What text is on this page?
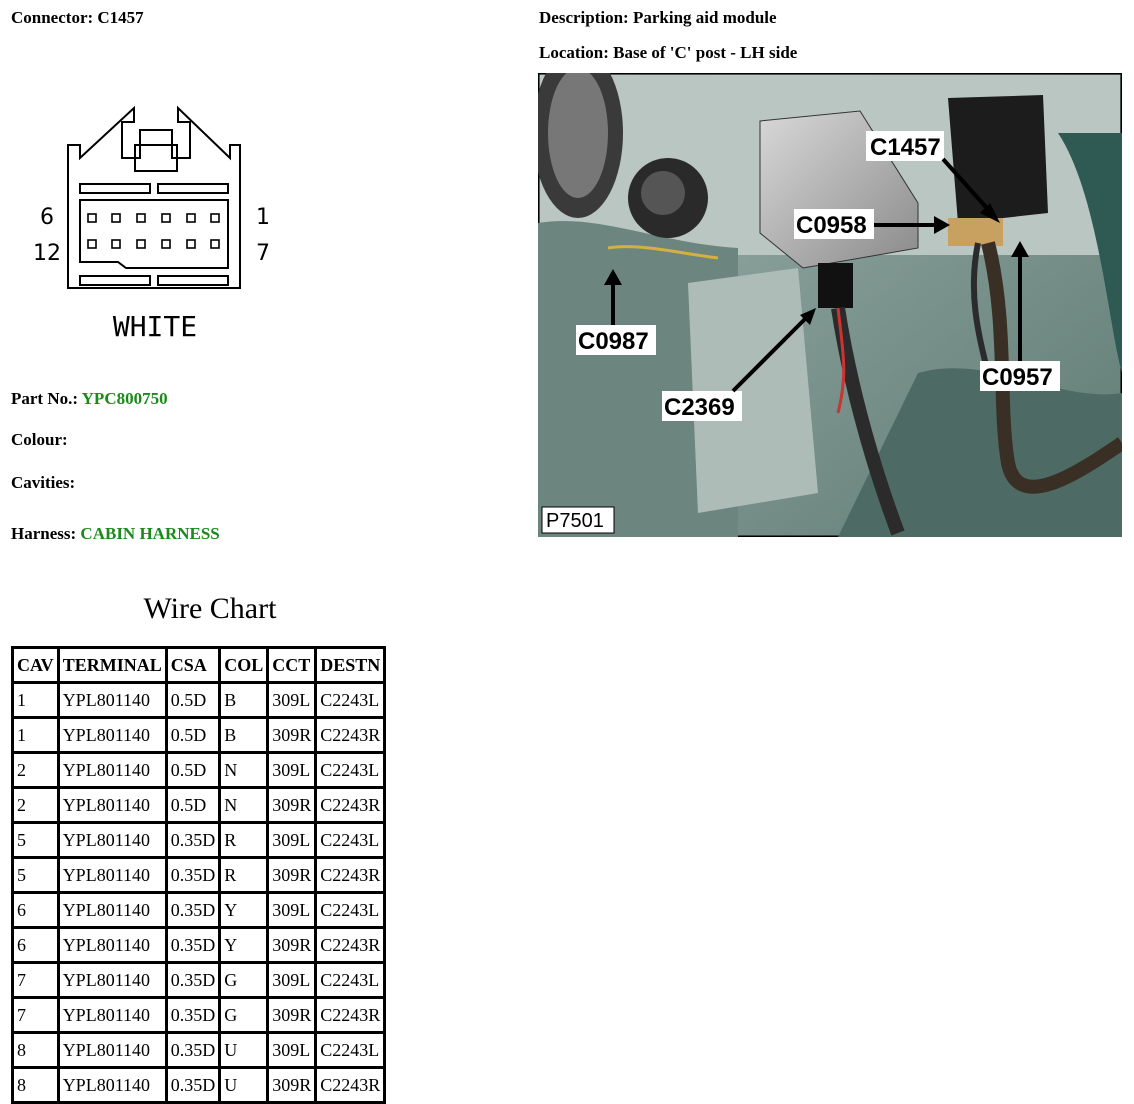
Connector: C1457	Description: Parking aid module
Location: Base of 'C' post - LH side
6	1
12	7
WHITE
Part No.: YPC800750
Colour:
Cavities:
Harness: CABIN HARNESS
C1457
C0958
C0987
C2369
C0957
P7501
Wire Chart
CAV	TERMINAL	CSA	COL	CCT	DESTN
1	YPL801140	0.5D	B	309L	C2243L
1	YPL801140	0.5D	B	309R	C2243R
2	YPL801140	0.5D	N	309L	C2243L
2	YPL801140	0.5D	N	309R	C2243R
5	YPL801140	0.35D	R	309L	C2243L
5	YPL801140	0.35D	R	309R	C2243R
6	YPL801140	0.35D	Y	309L	C2243L
6	YPL801140	0.35D	Y	309R	C2243R
7	YPL801140	0.35D	G	309L	C2243L
7	YPL801140	0.35D	G	309R	C2243R
8	YPL801140	0.35D	U	309L	C2243L
8	YPL801140	0.35D	U	309R	C2243R
